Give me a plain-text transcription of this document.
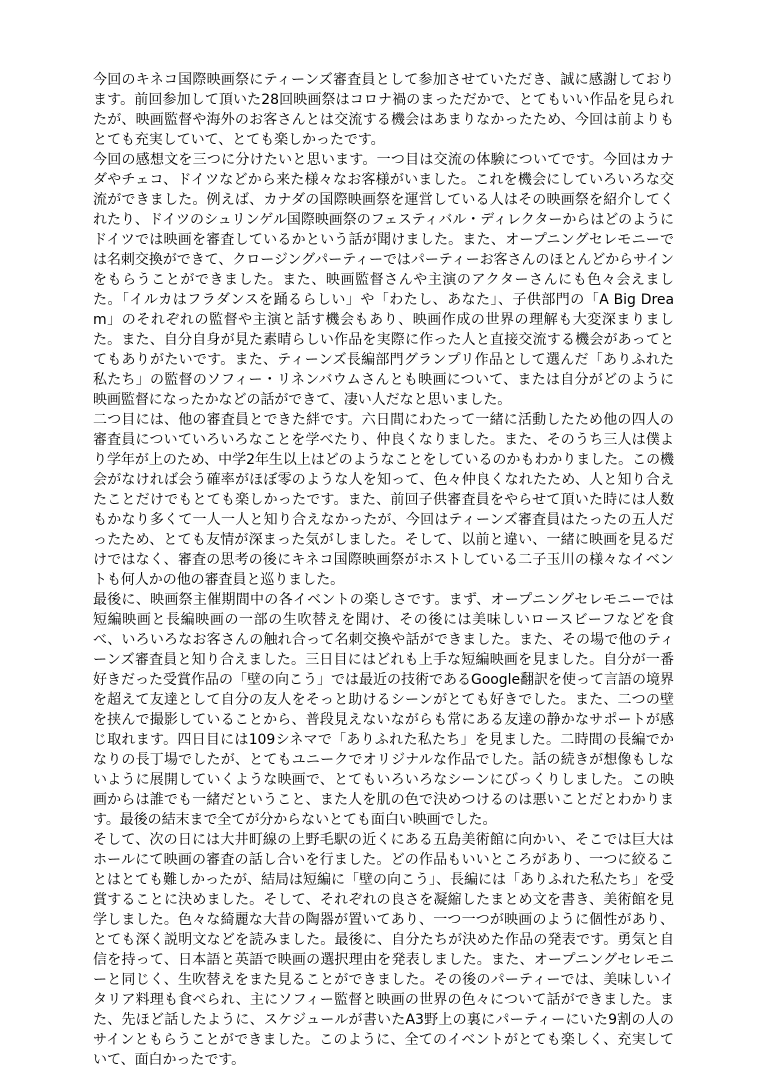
今回のキネコ国際映画祭にティーンズ審査員として参加させていただき、誠に感謝しております。前回参加して頂いた28回映画祭はコロナ禍のまっただかで、とてもいい作品を見られたが、映画監督や海外のお客さんとは交流する機会はあまりなかったため、今回は前よりもとても充実していて、とても楽しかったです。

今回の感想文を三つに分けたいと思います。一つ目は交流の体験についてです。今回はカナダやチェコ、ドイツなどから来た様々なお客様がいました。これを機会にしていろいろな交流ができました。例えば、カナダの国際映画祭を運営している人はその映画祭を紹介してくれたり、ドイツのシュリンゲル国際映画祭のフェスティバル・ディレクターからはどのようにドイツでは映画を審査しているかという話が聞けました。また、オープニングセレモニーでは名刺交換ができて、クロージングパーティーではパーティーお客さんのほとんどからサインをもらうことができました。また、映画監督さんや主演のアクターさんにも色々会えました。「イルカはフラダンスを踊るらしい」や「わたし、あなた」、子供部門の「A Big Dream」のそれぞれの監督や主演と話す機会もあり、映画作成の世界の理解も大変深まりました。また、自分自身が見た素晴らしい作品を実際に作った人と直接交流する機会があってとてもありがたいです。また、ティーンズ長編部門グランプリ作品として選んだ「ありふれた私たち」の監督のソフィー・リネンバウムさんとも映画について、または自分がどのように映画監督になったかなどの話ができて、凄い人だなと思いました。

二つ目には、他の審査員とできた絆です。六日間にわたって一緒に活動したため他の四人の審査員についていろいろなことを学べたり、仲良くなりました。また、そのうち三人は僕より学年が上のため、中学2年生以上はどのようなことをしているのかもわかりました。この機会がなければ会う確率がほぼ零のような人を知って、色々仲良くなれたため、人と知り合えたことだけでもとても楽しかったです。また、前回子供審査員をやらせて頂いた時には人数もかなり多くて一人一人と知り合えなかったが、今回はティーンズ審査員はたったの五人だったため、とても友情が深まった気がしました。そして、以前と違い、一緒に映画を見るだけではなく、審査の思考の後にキネコ国際映画祭がホストしている二子玉川の様々なイベントも何人かの他の審査員と巡りました。

最後に、映画祭主催期間中の各イベントの楽しさです。まず、オープニングセレモニーでは短編映画と長編映画の一部の生吹替えを聞け、その後には美味しいロースビーフなどを食べ、いろいろなお客さんの触れ合って名刺交換や話ができました。また、その場で他のティーンズ審査員と知り合えました。三日目にはどれも上手な短編映画を見ました。自分が一番好きだった受賞作品の「壁の向こう」では最近の技術であるGoogle翻訳を使って言語の境界を超えて友達として自分の友人をそっと助けるシーンがとても好きでした。また、二つの壁を挟んで撮影していることから、普段見えないながらも常にある友達の静かなサポートが感じ取れます。四日目には109シネマで「ありふれた私たち」を見ました。二時間の長編でかなりの長丁場でしたが、とてもユニークでオリジナルな作品でした。話の続きが想像もしないように展開していくような映画で、とてもいろいろなシーンにびっくりしました。この映画からは誰でも一緒だということ、また人を肌の色で決めつけるのは悪いことだとわかります。最後の結末まで全てが分からないとても面白い映画でした。

そして、次の日には大井町線の上野毛駅の近くにある五島美術館に向かい、そこでは巨大はホールにて映画の審査の話し合いを行ました。どの作品もいいところがあり、一つに絞ることはとても難しかったが、結局は短編に「壁の向こう」、長編には「ありふれた私たち」を受賞することに決めました。そして、それぞれの良さを凝縮したまとめ文を書き、美術館を見学しました。色々な綺麗な大昔の陶器が置いてあり、一つ一つが映画のように個性があり、とても深く説明文などを読みました。最後に、自分たちが決めた作品の発表です。勇気と自信を持って、日本語と英語で映画の選択理由を発表しました。また、オープニングセレモニーと同じく、生吹替えをまた見ることができました。その後のパーティーでは、美味しいイタリア料理も食べられ、主にソフィー監督と映画の世界の色々について話ができました。また、先ほど話したように、スケジュールが書いたA3野上の裏にパーティーにいた9割の人のサインともらうことができました。このように、全てのイベントがとても楽しく、充実していて、面白かったです。
